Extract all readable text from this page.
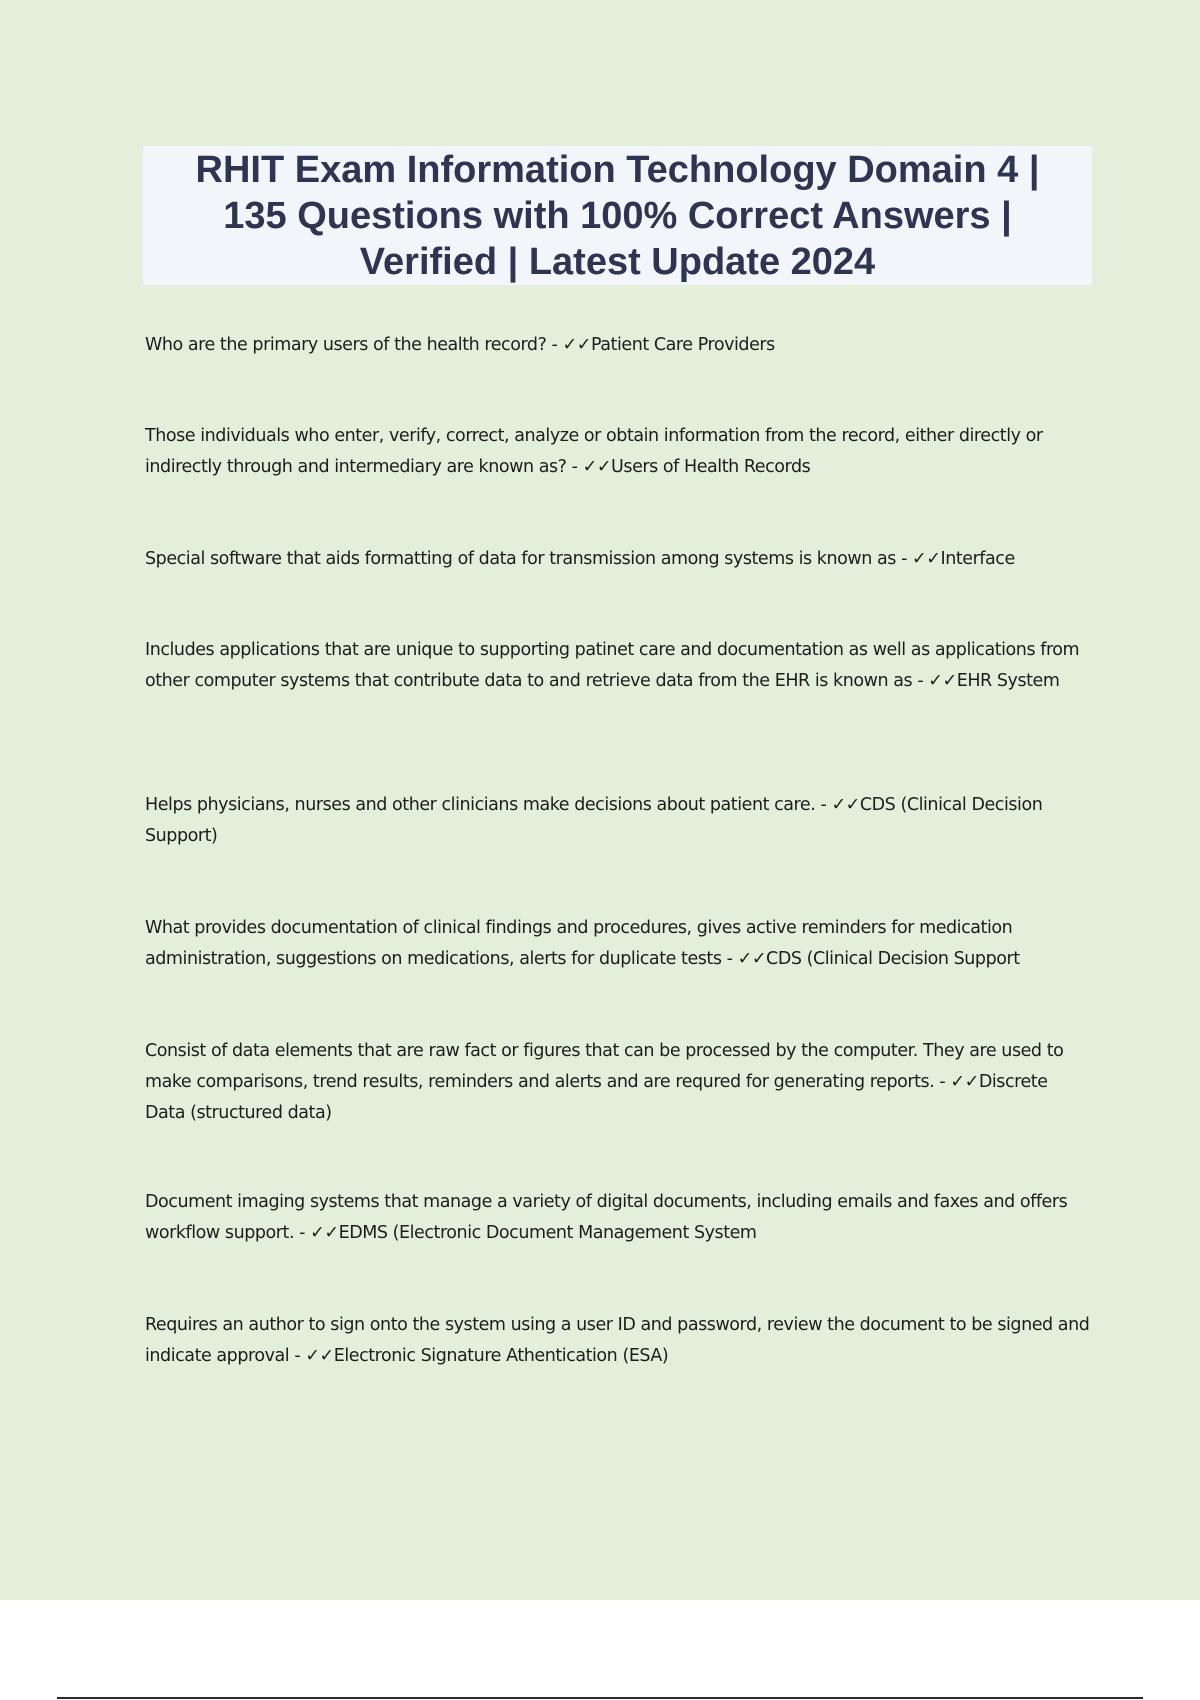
RHIT Exam Information Technology Domain 4 |
135 Questions with 100% Correct Answers |
Verified | Latest Update 2024

Who are the primary users of the health record? - ✓✓Patient Care Providers

Those individuals who enter, verify, correct, analyze or obtain information from the record, either directly or indirectly through and intermediary are known as? - ✓✓Users of Health Records

Special software that aids formatting of data for transmission among systems is known as - ✓✓Interface

Includes applications that are unique to supporting patinet care and documentation as well as applications from other computer systems that contribute data to and retrieve data from the EHR is known as - ✓✓EHR System

Helps physicians, nurses and other clinicians make decisions about patient care. - ✓✓CDS (Clinical Decision Support)

What provides documentation of clinical findings and procedures, gives active reminders for medication administration, suggestions on medications, alerts for duplicate tests - ✓✓CDS (Clinical Decision Support

Consist of data elements that are raw fact or figures that can be processed by the computer. They are used to make comparisons, trend results, reminders and alerts and are requred for generating reports. - ✓✓Discrete Data (structured data)

Document imaging systems that manage a variety of digital documents, including emails and faxes and offers workflow support. - ✓✓EDMS (Electronic Document Management System

Requires an author to sign onto the system using a user ID and password, review the document to be signed and indicate approval - ✓✓Electronic Signature Athentication (ESA)
